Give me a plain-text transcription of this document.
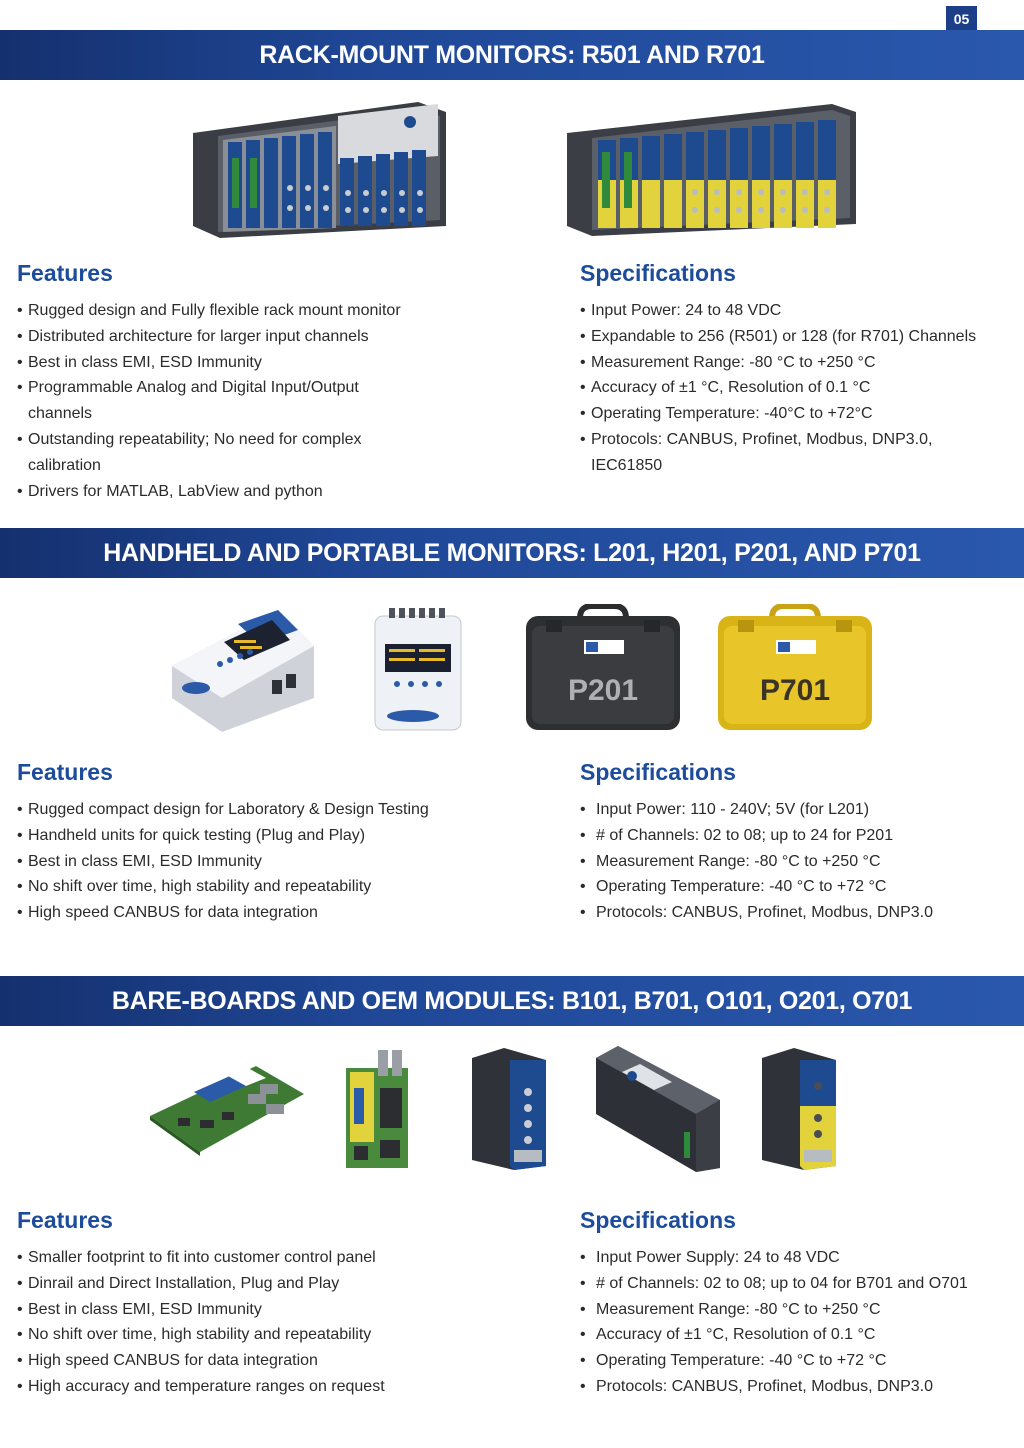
05
RACK-MOUNT MONITORS: R501 AND R701
Features	Specifications
• Rugged design and Fully flexible rack mount monitor
• Distributed architecture for larger input channels
• Best in class EMI, ESD Immunity
• Programmable Analog and Digital Input/Output channels
• Outstanding repeatability; No need for complex calibration
• Drivers for MATLAB, LabView and python
• Input Power: 24 to 48 VDC
• Expandable to 256 (R501) or 128 (for R701) Channels
• Measurement Range: -80 °C to +250 °C
• Accuracy of ±1 °C, Resolution of 0.1 °C
• Operating Temperature: -40°C to +72°C
• Protocols: CANBUS, Profinet, Modbus, DNP3.0, IEC61850
HANDHELD AND PORTABLE MONITORS: L201, H201, P201, AND P701
P201	P701
Features	Specifications
• Rugged compact design for Laboratory & Design Testing
• Handheld units for quick testing (Plug and Play)
• Best in class EMI, ESD Immunity
• No shift over time, high stability and repeatability
• High speed CANBUS for data integration
• Input Power: 110 - 240V; 5V (for L201)
• # of Channels: 02 to 08; up to 24 for P201
• Measurement Range: -80 °C to +250 °C
• Operating Temperature: -40 °C to +72 °C
• Protocols: CANBUS, Profinet, Modbus, DNP3.0
BARE-BOARDS AND OEM MODULES: B101, B701, O101, O201, O701
Features	Specifications
• Smaller footprint to fit into customer control panel
• Dinrail and Direct Installation, Plug and Play
• Best in class EMI, ESD Immunity
• No shift over time, high stability and repeatability
• High speed CANBUS for data integration
• High accuracy and temperature ranges on request
• Input Power Supply: 24 to 48 VDC
• # of Channels: 02 to 08; up to 04 for B701 and O701
• Measurement Range: -80 °C to +250 °C
• Accuracy of ±1 °C, Resolution of 0.1 °C
• Operating Temperature: -40 °C to +72 °C
• Protocols: CANBUS, Profinet, Modbus, DNP3.0
